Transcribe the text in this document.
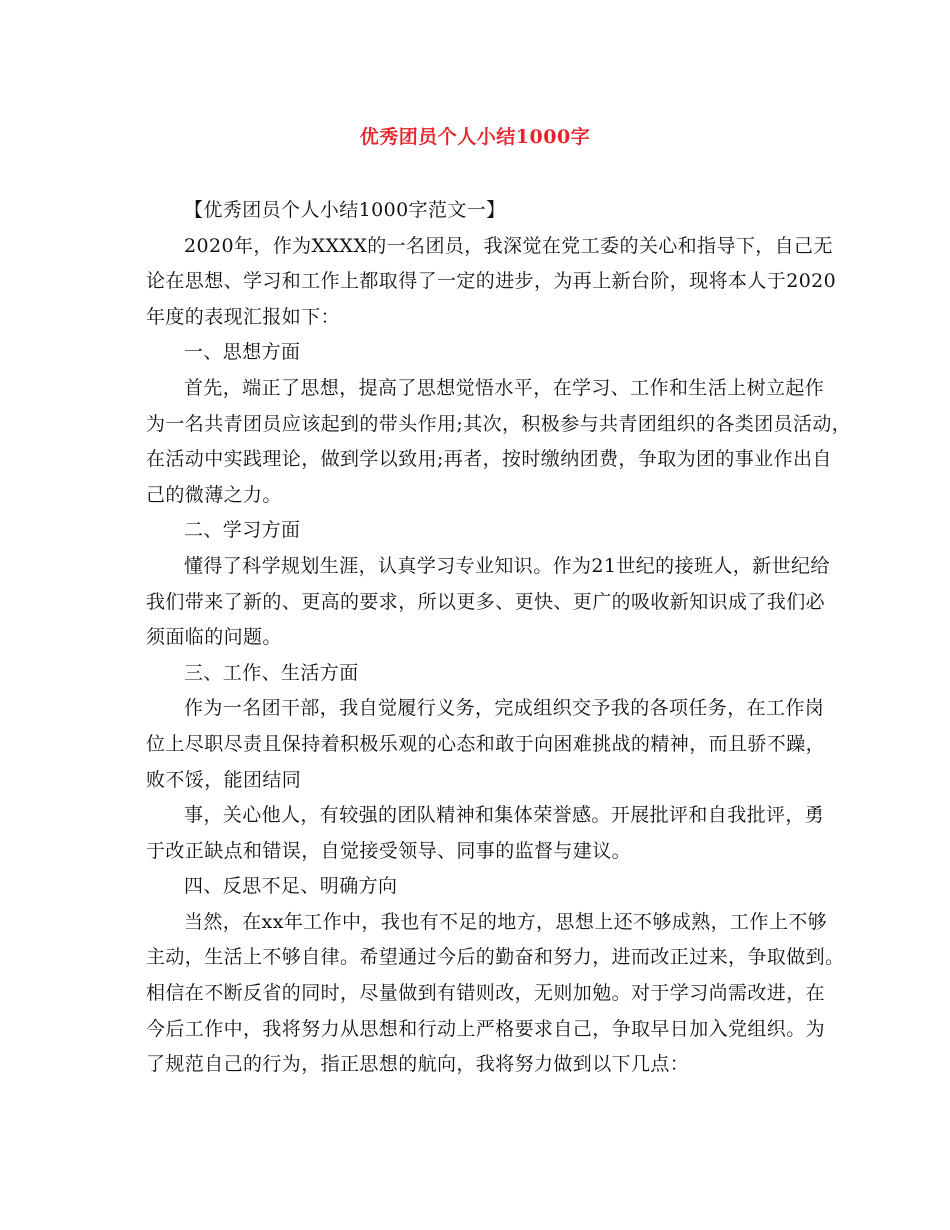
优秀团员个人小结1000字

【优秀团员个人小结1000字范文一】

2020年，作为XXXX的一名团员，我深觉在党工委的关心和指导下，自己无

论在思想、学习和工作上都取得了一定的进步，为再上新台阶，现将本人于2020

年度的表现汇报如下：

一、思想方面

首先，端正了思想，提高了思想觉悟水平，在学习、工作和生活上树立起作

为一名共青团员应该起到的带头作用;其次，积极参与共青团组织的各类团员活动，

在活动中实践理论，做到学以致用;再者，按时缴纳团费，争取为团的事业作出自

己的微薄之力。

二、学习方面

懂得了科学规划生涯，认真学习专业知识。作为21世纪的接班人，新世纪给

我们带来了新的、更高的要求，所以更多、更快、更广的吸收新知识成了我们必

须面临的问题。

三、工作、生活方面

作为一名团干部，我自觉履行义务，完成组织交予我的各项任务，在工作岗

位上尽职尽责且保持着积极乐观的心态和敢于向困难挑战的精神，而且骄不躁，

败不馁，能团结同

事，关心他人，有较强的团队精神和集体荣誉感。开展批评和自我批评，勇

于改正缺点和错误，自觉接受领导、同事的监督与建议。

四、反思不足、明确方向

当然，在xx年工作中，我也有不足的地方，思想上还不够成熟，工作上不够

主动，生活上不够自律。希望通过今后的勤奋和努力，进而改正过来，争取做到。

相信在不断反省的同时，尽量做到有错则改，无则加勉。对于学习尚需改进，在

今后工作中，我将努力从思想和行动上严格要求自己，争取早日加入党组织。为

了规范自己的行为，指正思想的航向，我将努力做到以下几点：
